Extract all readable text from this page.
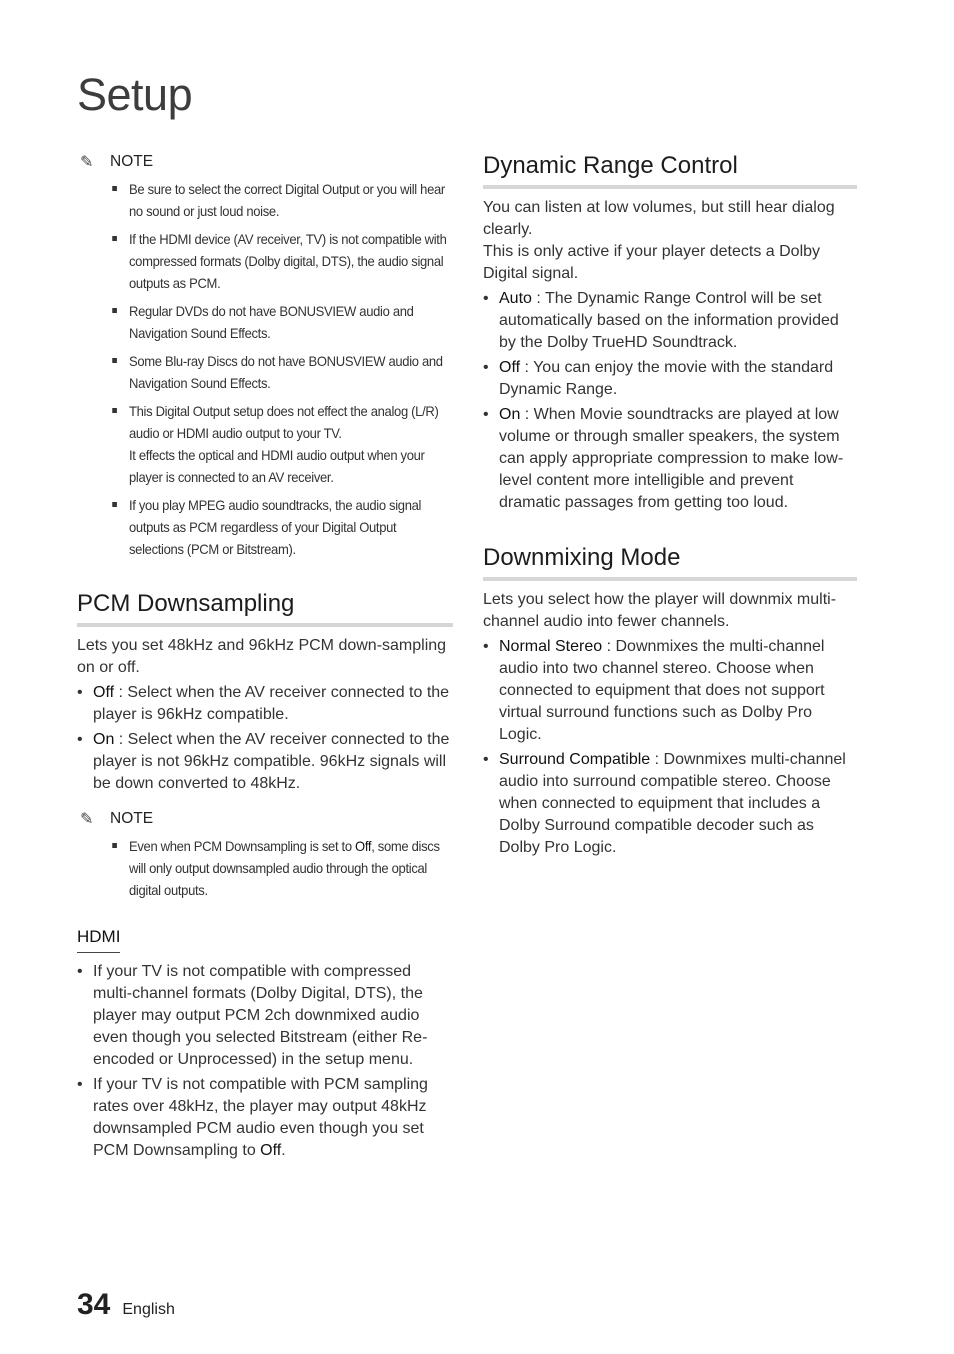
Setup
✎	NOTE
Be sure to select the correct Digital Output or you will hear no sound or just loud noise.
If the HDMI device (AV receiver, TV) is not compatible with compressed formats (Dolby digital, DTS), the audio signal outputs as PCM.
Regular DVDs do not have BONUSVIEW audio and Navigation Sound Effects.
Some Blu-ray Discs do not have BONUSVIEW audio and Navigation Sound Effects.
This Digital Output setup does not effect the analog (L/R) audio or HDMI audio output to your TV.
It effects the optical and HDMI audio output when your player is connected to an AV receiver.
If you play MPEG audio soundtracks, the audio signal outputs as PCM regardless of your Digital Output selections (PCM or Bitstream).
PCM Downsampling

Lets you set 48kHz and 96kHz PCM down-sampling on or off.

• Off : Select when the AV receiver connected to the player is 96kHz compatible.
• On : Select when the AV receiver connected to the player is not 96kHz compatible. 96kHz signals will be down converted to 48kHz.
✎	NOTE
Even when PCM Downsampling is set to Off, some discs will only output downsampled audio through the optical digital outputs.
HDMI
• If your TV is not compatible with compressed multi-channel formats (Dolby Digital, DTS), the player may output PCM 2ch downmixed audio even though you selected Bitstream (either Re-encoded or Unprocessed) in the setup menu.
• If your TV is not compatible with PCM sampling rates over 48kHz, the player may output 48kHz downsampled PCM audio even though you set PCM Downsampling to Off.
Dynamic Range Control

You can listen at low volumes, but still hear dialog clearly.
This is only active if your player detects a Dolby Digital signal.

• Auto : The Dynamic Range Control will be set automatically based on the information provided by the Dolby TrueHD Soundtrack.
• Off : You can enjoy the movie with the standard Dynamic Range.
• On : When Movie soundtracks are played at low volume or through smaller speakers, the system can apply appropriate compression to make low-level content more intelligible and prevent dramatic passages from getting too loud.
Downmixing Mode

Lets you select how the player will downmix multi-channel audio into fewer channels.

• Normal Stereo : Downmixes the multi-channel audio into two channel stereo. Choose when connected to equipment that does not support virtual surround functions such as Dolby Pro Logic.
• Surround Compatible : Downmixes multi-channel audio into surround compatible stereo. Choose when connected to equipment that includes a Dolby Surround compatible decoder such as Dolby Pro Logic.
34 English
